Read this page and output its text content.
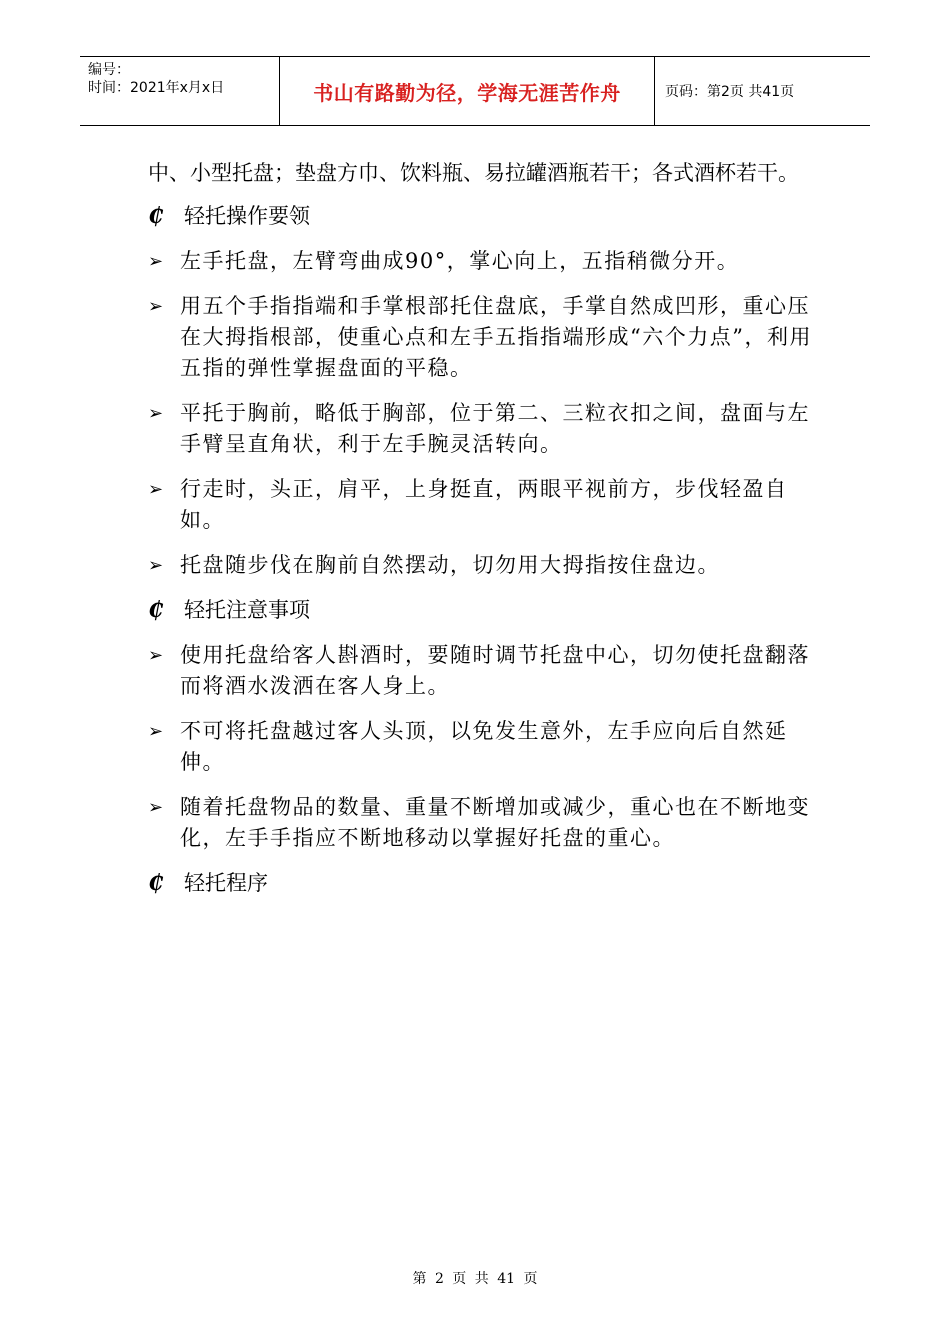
编号：
时间：2021年x月x日	书山有路勤为径，学海无涯苦作舟	页码：第2页 共41页
中、小型托盘；垫盘方巾、饮料瓶、易拉罐酒瓶若干；各式酒杯若干。
₵ 轻托操作要领
➢ 左手托盘，左臂弯曲成90°，掌心向上，五指稍微分开。
➢ 用五个手指指端和手掌根部托住盘底，手掌自然成凹形，重心压在大拇指根部，使重心点和左手五指指端形成“六个力点”，利用五指的弹性掌握盘面的平稳。
➢ 平托于胸前，略低于胸部，位于第二、三粒衣扣之间，盘面与左手臂呈直角状，利于左手腕灵活转向。
➢ 行走时，头正，肩平，上身挺直，两眼平视前方，步伐轻盈自如。
➢ 托盘随步伐在胸前自然摆动，切勿用大拇指按住盘边。
₵ 轻托注意事项
➢ 使用托盘给客人斟酒时，要随时调节托盘中心，切勿使托盘翻落而将酒水泼洒在客人身上。
➢ 不可将托盘越过客人头顶，以免发生意外，左手应向后自然延伸。
➢ 随着托盘物品的数量、重量不断增加或减少，重心也在不断地变化，左手手指应不断地移动以掌握好托盘的重心。
₵ 轻托程序
第 2 页 共 41 页
